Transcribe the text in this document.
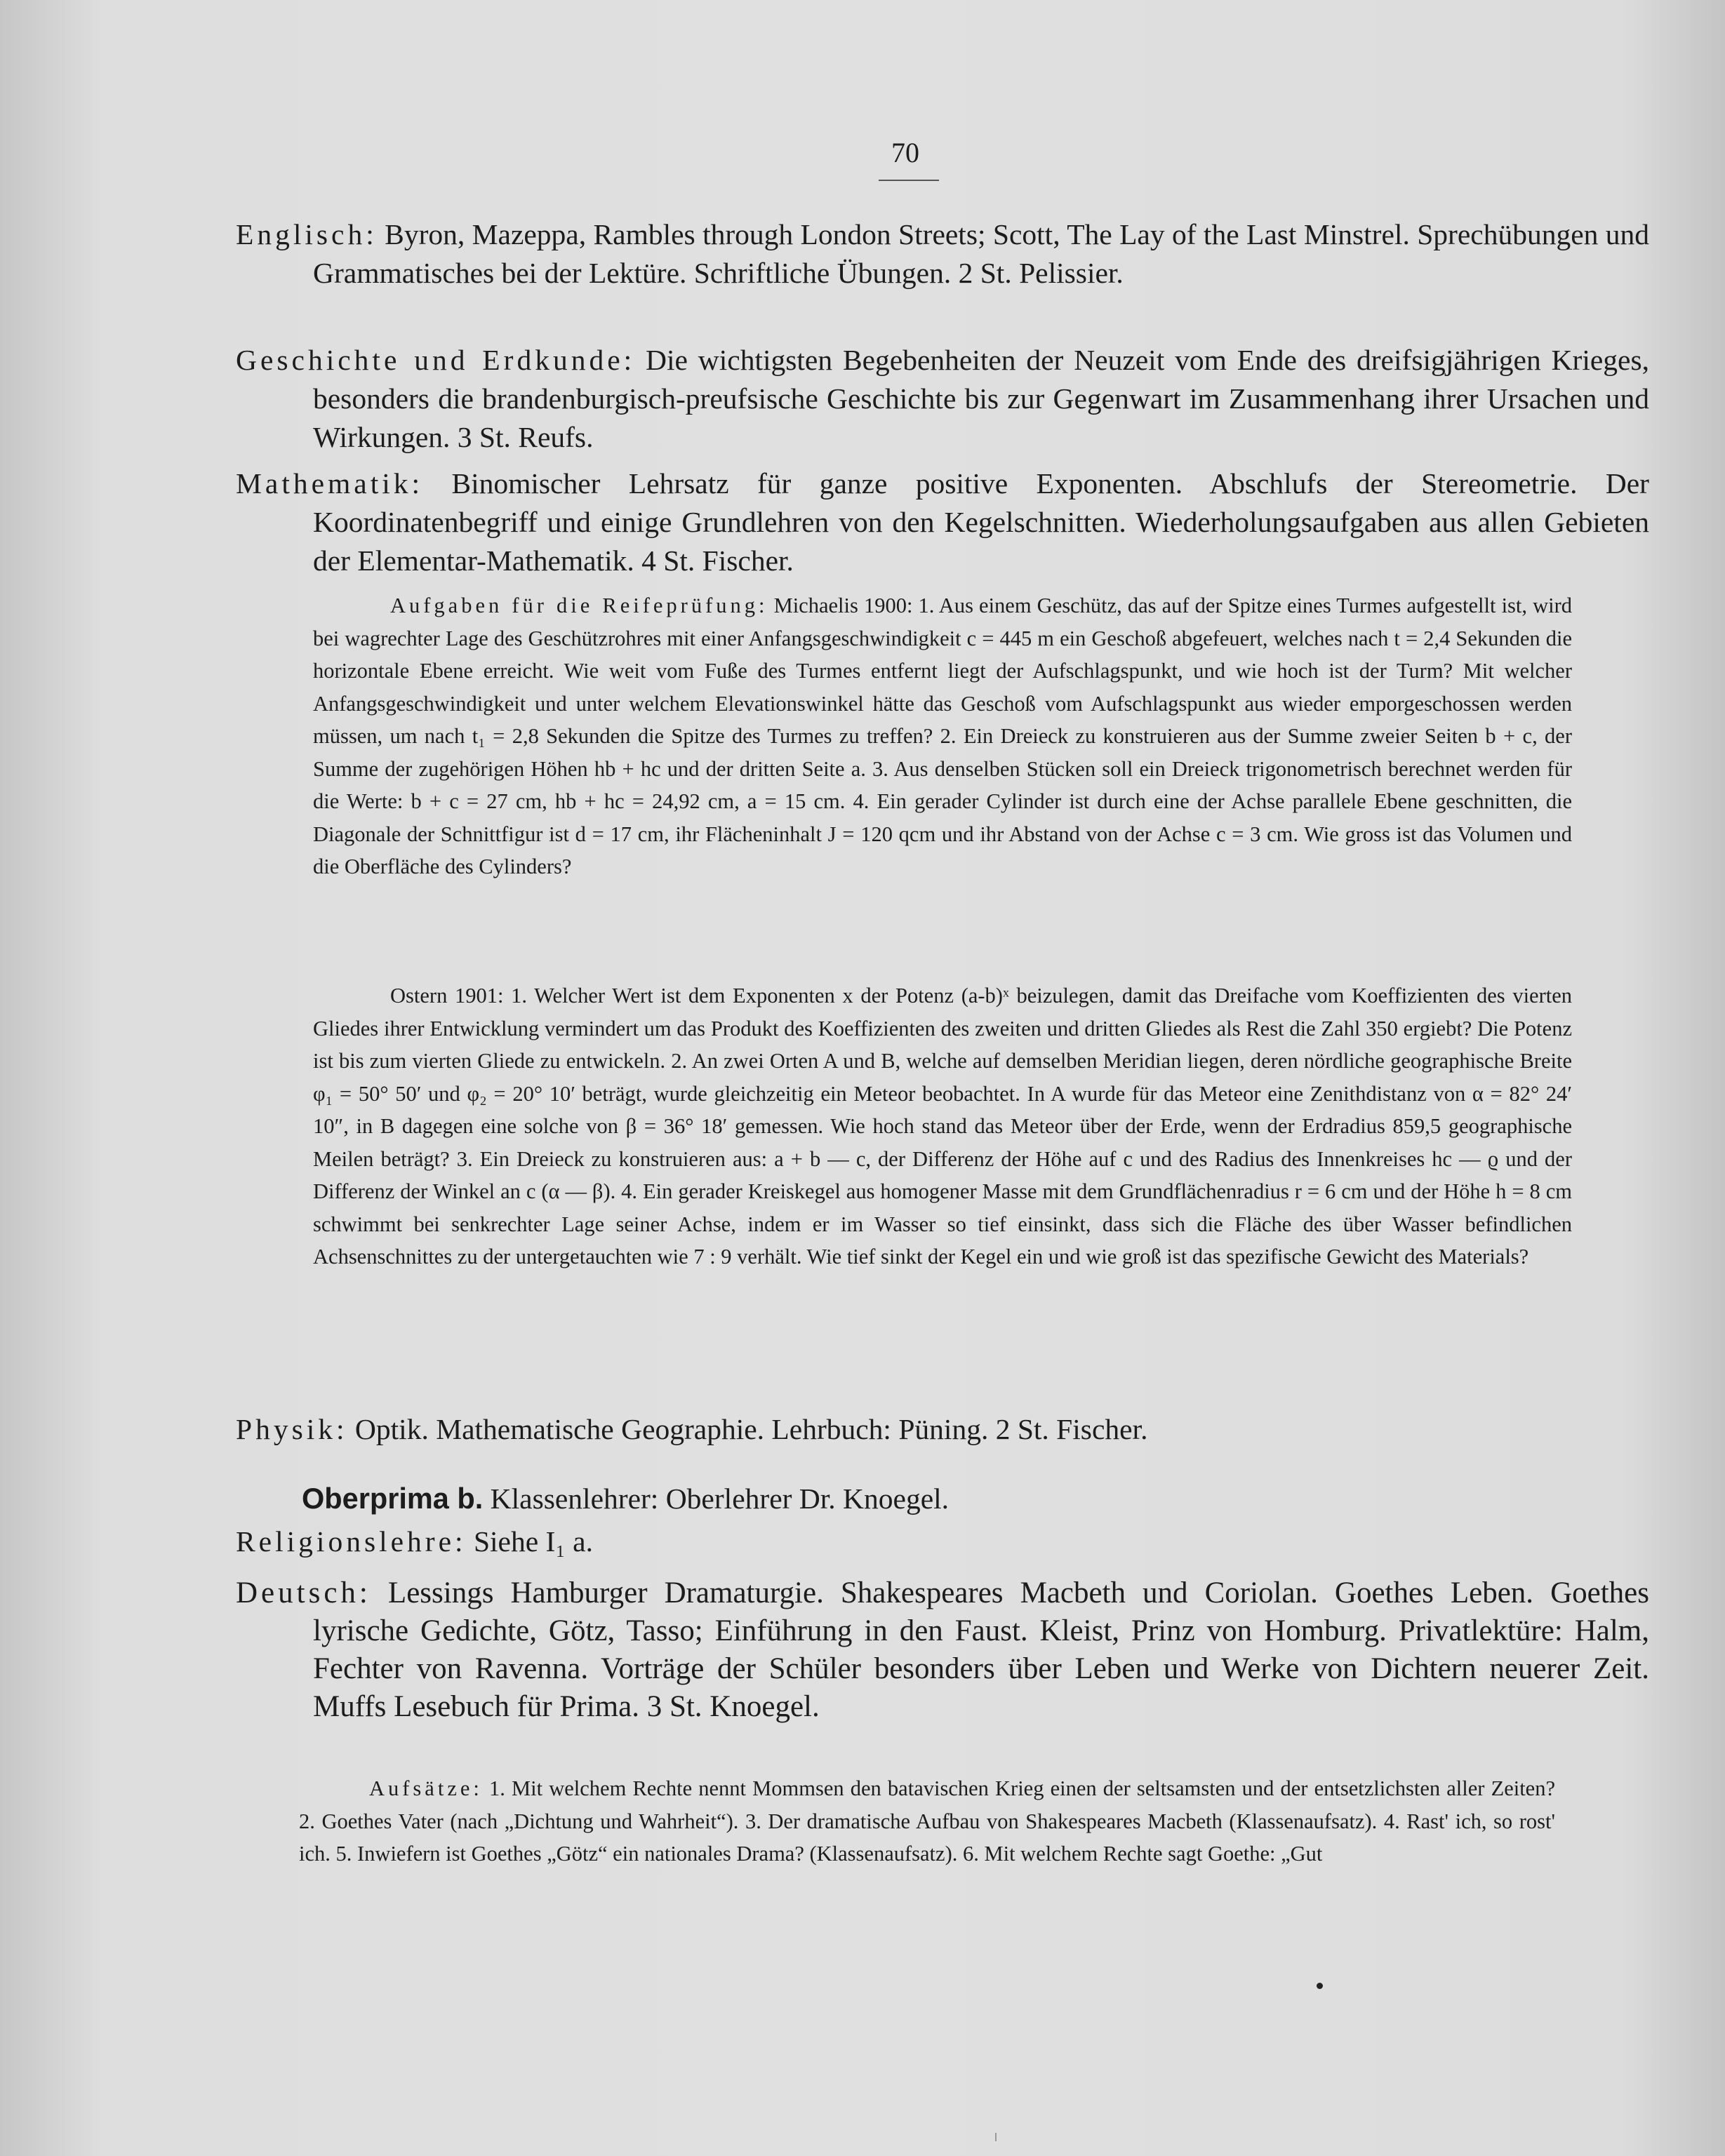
70
Englisch: Byron, Mazeppa, Rambles through London Streets; Scott, The Lay of the Last Minstrel. Sprechübungen und Grammatisches bei der Lektüre. Schriftliche Übungen. 2 St. Pelissier.
Geschichte und Erdkunde: Die wichtigsten Begebenheiten der Neuzeit vom Ende des dreifsigjährigen Krieges, besonders die brandenburgisch-preufsische Geschichte bis zur Gegenwart im Zusammenhang ihrer Ursachen und Wirkungen. 3 St. Reufs.
Mathematik: Binomischer Lehrsatz für ganze positive Exponenten. Abschlufs der Stereometrie. Der Koordinatenbegriff und einige Grundlehren von den Kegelschnitten. Wiederholungsaufgaben aus allen Gebieten der Elementar-Mathematik. 4 St. Fischer.
Aufgaben für die Reifeprüfung: Michaelis 1900: 1. Aus einem Geschütz, das auf der Spitze eines Turmes aufgestellt ist, wird bei wagrechter Lage des Geschützrohres mit einer Anfangsgeschwindigkeit c = 445 m ein Geschoß abgefeuert, welches nach t = 2,4 Sekunden die horizontale Ebene erreicht. Wie weit vom Fuße des Turmes entfernt liegt der Aufschlagspunkt, und wie hoch ist der Turm? Mit welcher Anfangsgeschwindigkeit und unter welchem Elevationswinkel hätte das Geschoß vom Aufschlagspunkt aus wieder emporgeschossen werden müssen, um nach t₁ = 2,8 Sekunden die Spitze des Turmes zu treffen? 2. Ein Dreieck zu konstruieren aus der Summe zweier Seiten b + c, der Summe der zugehörigen Höhen hb + hc und der dritten Seite a. 3. Aus denselben Stücken soll ein Dreieck trigonometrisch berechnet werden für die Werte: b + c = 27 cm, hb + hc = 24,92 cm, a = 15 cm. 4. Ein gerader Cylinder ist durch eine der Achse parallele Ebene geschnitten, die Diagonale der Schnittfigur ist d = 17 cm, ihr Flächeninhalt J = 120 qcm und ihr Abstand von der Achse c = 3 cm. Wie gross ist das Volumen und die Oberfläche des Cylinders?
Ostern 1901: 1. Welcher Wert ist dem Exponenten x der Potenz (a-b)ˣ beizulegen, damit das Dreifache vom Koeffizienten des vierten Gliedes ihrer Entwicklung vermindert um das Produkt des Koeffizienten des zweiten und dritten Gliedes als Rest die Zahl 350 ergiebt? Die Potenz ist bis zum vierten Gliede zu entwickeln. 2. An zwei Orten A und B, welche auf demselben Meridian liegen, deren nördliche geographische Breite φ₁ = 50° 50′ und φ₂ = 20° 10′ beträgt, wurde gleichzeitig ein Meteor beobachtet. In A wurde für das Meteor eine Zenithdistanz von α = 82° 24′ 10″, in B dagegen eine solche von β = 36° 18′ gemessen. Wie hoch stand das Meteor über der Erde, wenn der Erdradius 859,5 geographische Meilen beträgt? 3. Ein Dreieck zu konstruieren aus: a + b — c, der Differenz der Höhe auf c und des Radius des Innenkreises hc — ϱ und der Differenz der Winkel an c (α — β). 4. Ein gerader Kreiskegel aus homogener Masse mit dem Grundflächenradius r = 6 cm und der Höhe h = 8 cm schwimmt bei senkrechter Lage seiner Achse, indem er im Wasser so tief einsinkt, dass sich die Fläche des über Wasser befindlichen Achsenschnittes zu der untergetauchten wie 7 : 9 verhält. Wie tief sinkt der Kegel ein und wie groß ist das spezifische Gewicht des Materials?
Physik: Optik. Mathematische Geographie. Lehrbuch: Püning. 2 St. Fischer.
Oberprima b. Klassenlehrer: Oberlehrer Dr. Knoegel.
Religionslehre: Siehe I₁ a.
Deutsch: Lessings Hamburger Dramaturgie. Shakespeares Macbeth und Coriolan. Goethes Leben. Goethes lyrische Gedichte, Götz, Tasso; Einführung in den Faust. Kleist, Prinz von Homburg. Privatlektüre: Halm, Fechter von Ravenna. Vorträge der Schüler besonders über Leben und Werke von Dichtern neuerer Zeit. Muffs Lesebuch für Prima. 3 St. Knoegel.
Aufsätze: 1. Mit welchem Rechte nennt Mommsen den batavischen Krieg einen der seltsamsten und der entsetzlichsten aller Zeiten? 2. Goethes Vater (nach „Dichtung und Wahrheit“). 3. Der dramatische Aufbau von Shakespeares Macbeth (Klassenaufsatz). 4. Rast' ich, so rost' ich. 5. Inwiefern ist Goethes „Götz“ ein nationales Drama? (Klassenaufsatz). 6. Mit welchem Rechte sagt Goethe: „Gut
